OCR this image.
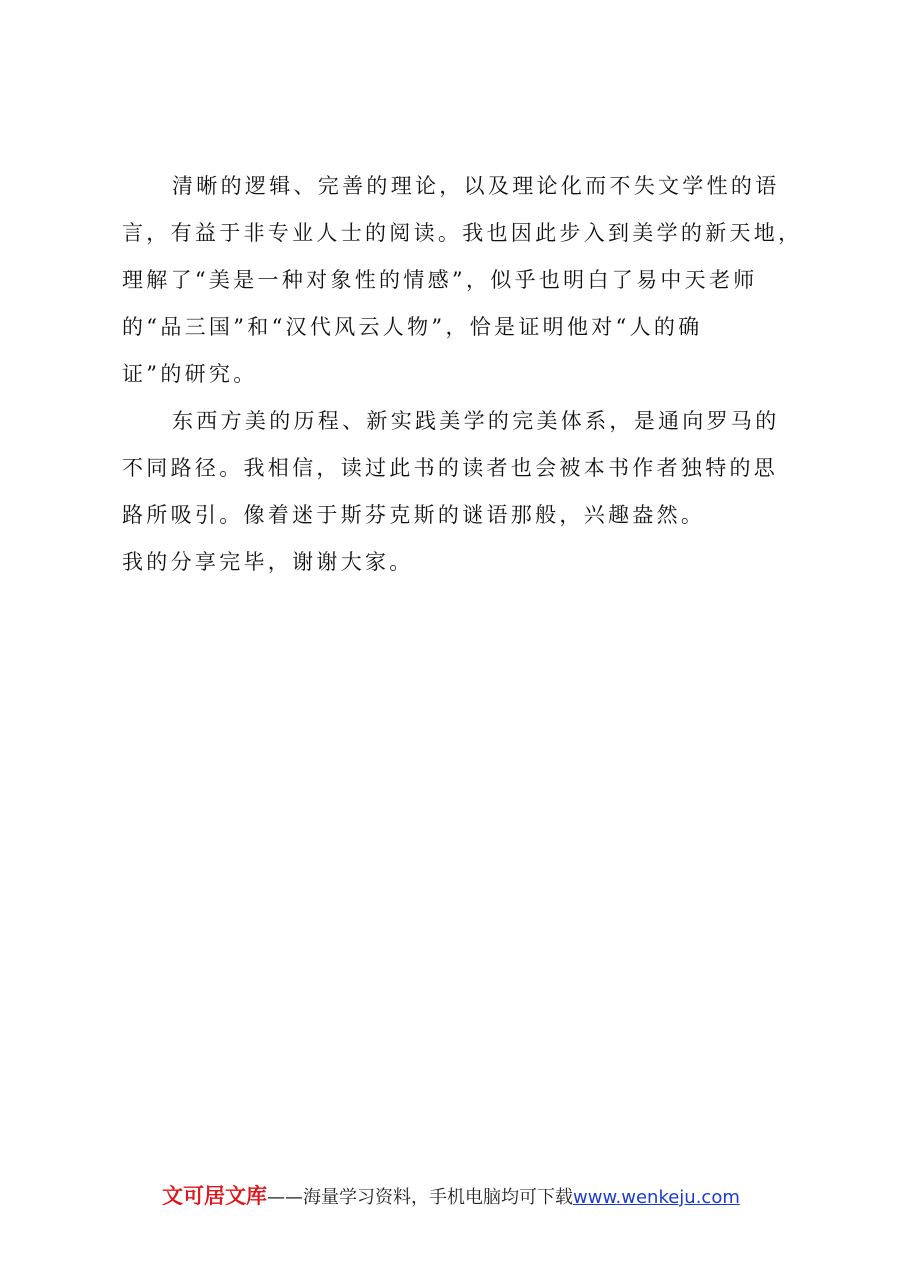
清晰的逻辑、完善的理论，以及理论化而不失文学性的语
言，有益于非专业人士的阅读。我也因此步入到美学的新天地，
理解了“美是一种对象性的情感”，似乎也明白了易中天老师
的“品三国”和“汉代风云人物”，恰是证明他对“人的确
证”的研究。
东西方美的历程、新实践美学的完美体系，是通向罗马的
不同路径。我相信，读过此书的读者也会被本书作者独特的思
路所吸引。像着迷于斯芬克斯的谜语那般，兴趣盎然。
我的分享完毕，谢谢大家。
文可居文库——海量学习资料，手机电脑均可下载www.wenkeju.com
